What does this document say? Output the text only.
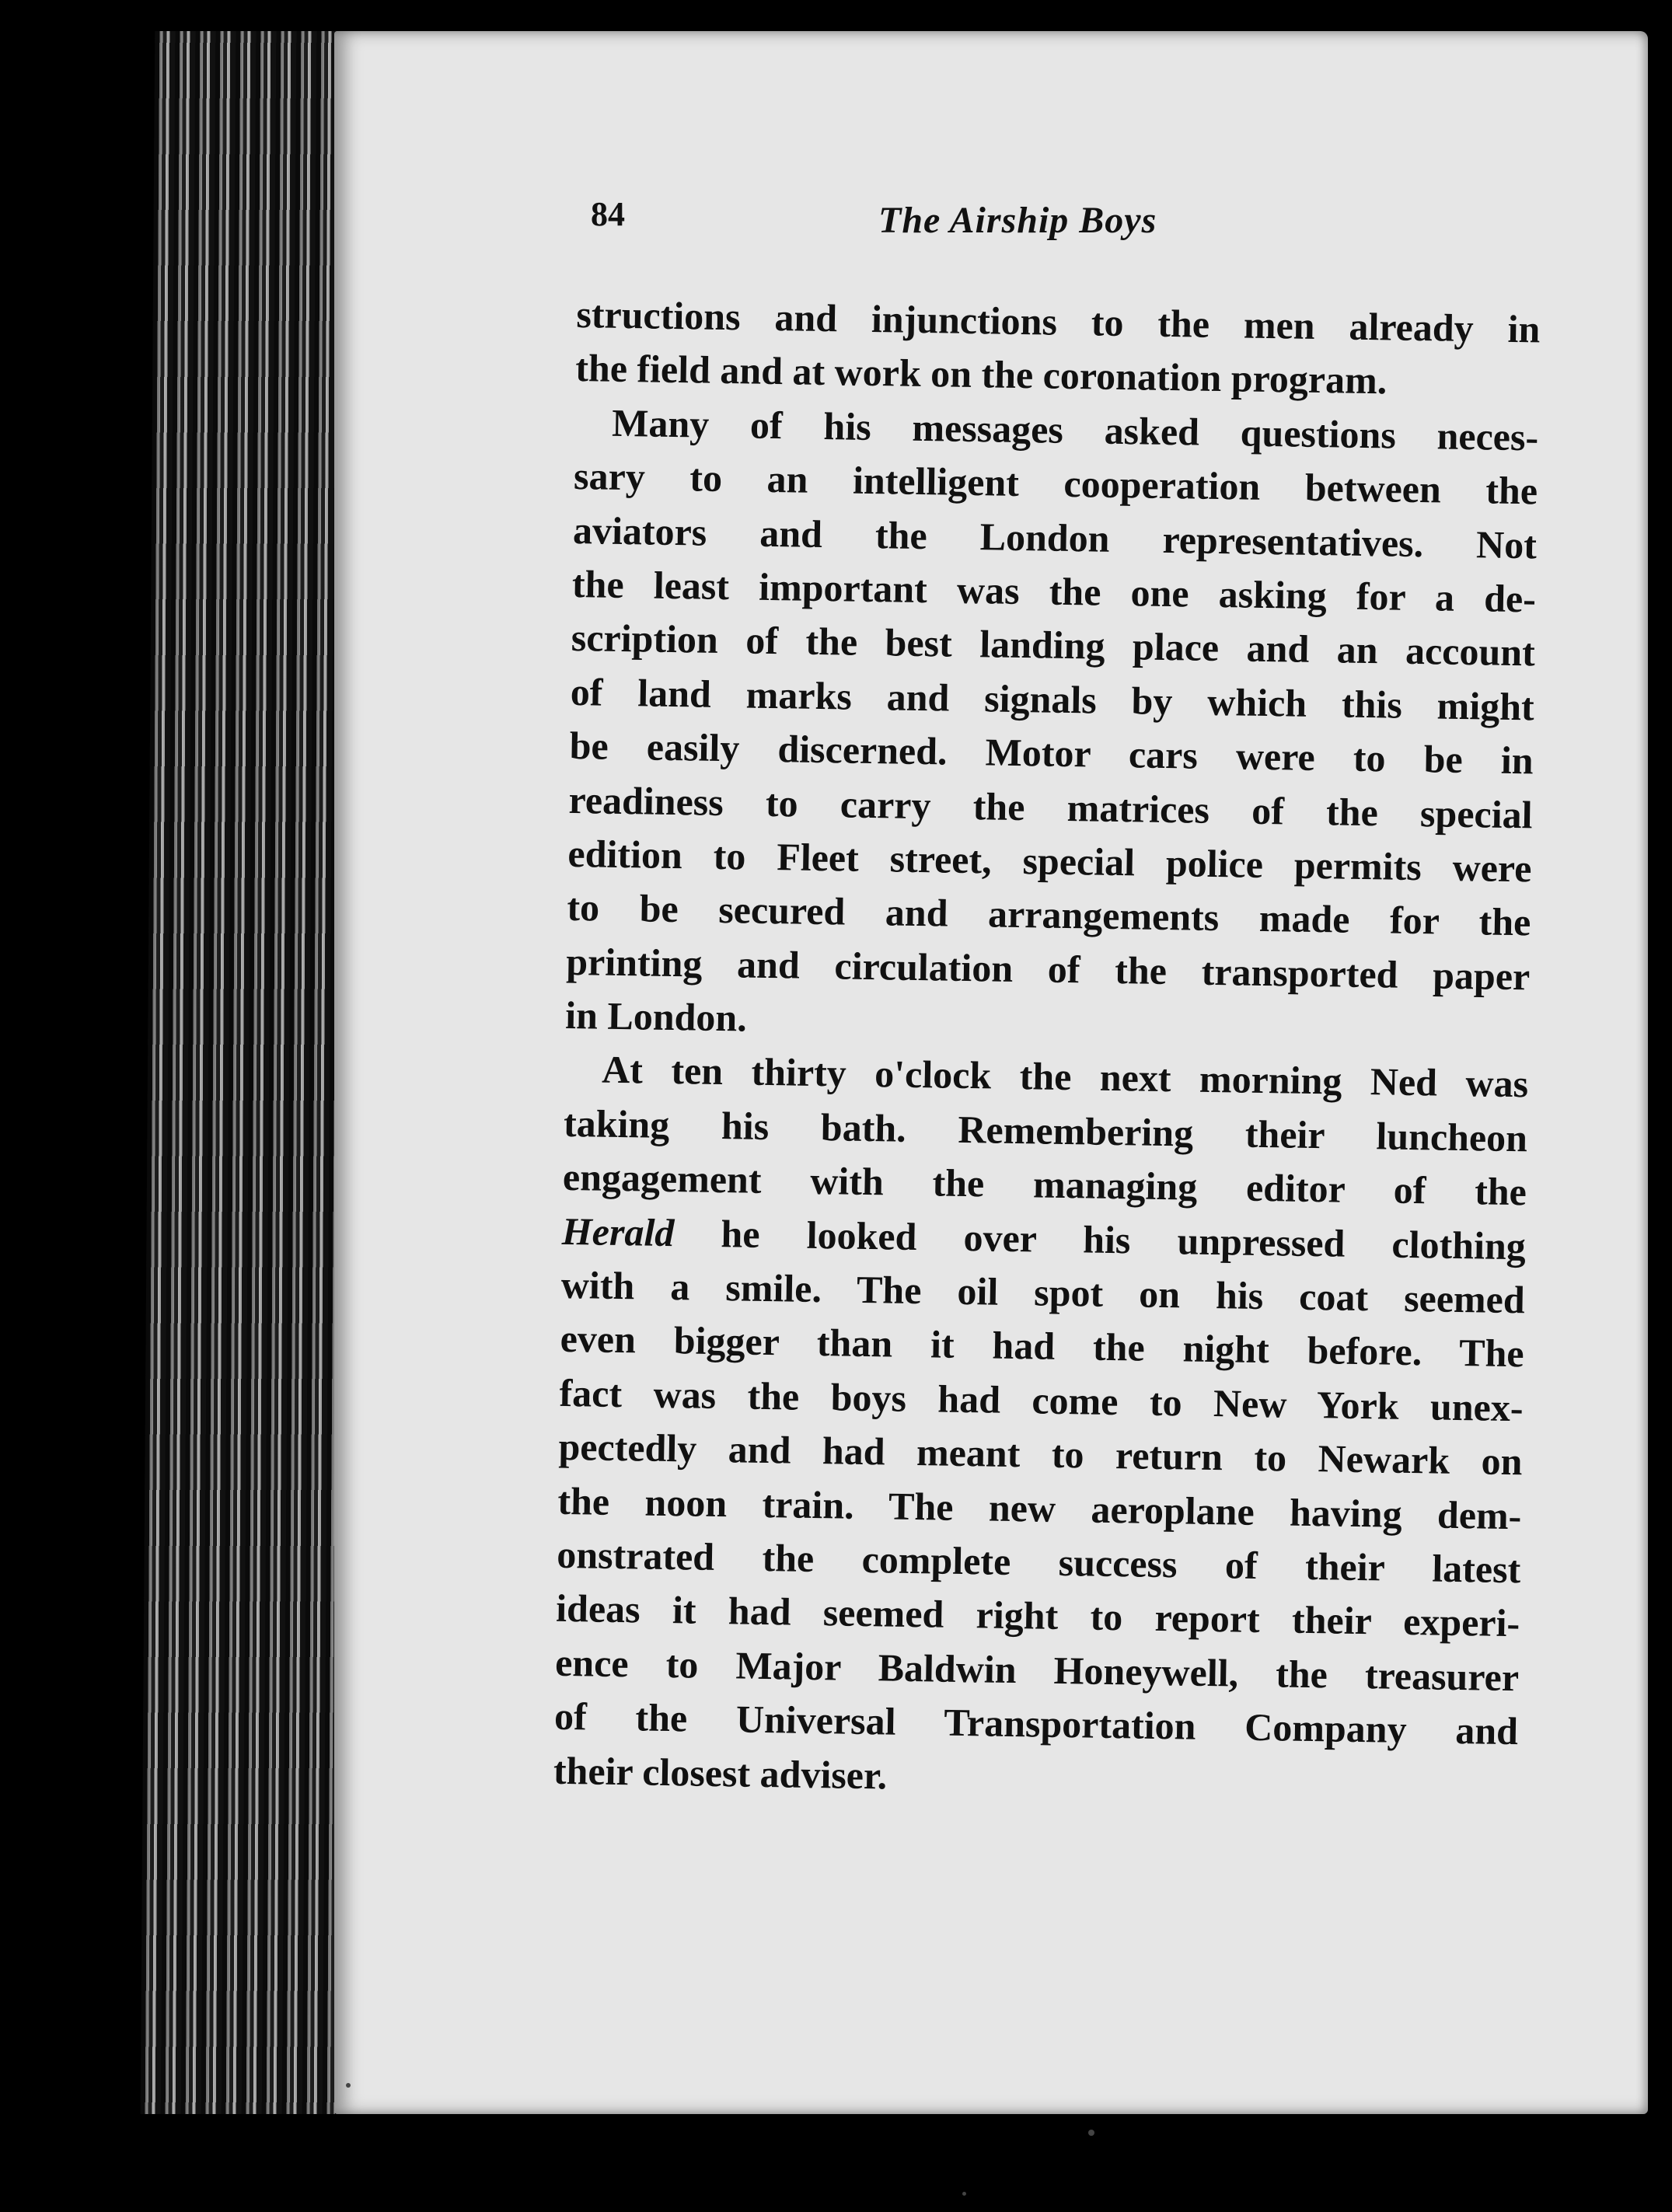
84	The Airship Boys
structions and injunctions to the men already in
the field and at work on the coronation program.
Many of his messages asked questions neces-
sary to an intelligent cooperation between the
aviators and the London representatives. Not
the least important was the one asking for a de-
scription of the best landing place and an account
of land marks and signals by which this might
be easily discerned. Motor cars were to be in
readiness to carry the matrices of the special
edition to Fleet street, special police permits were
to be secured and arrangements made for the
printing and circulation of the transported paper
in London.
At ten thirty o'clock the next morning Ned was
taking his bath. Remembering their luncheon
engagement with the managing editor of the
Herald he looked over his unpressed clothing
with a smile. The oil spot on his coat seemed
even bigger than it had the night before. The
fact was the boys had come to New York unex-
pectedly and had meant to return to Newark on
the noon train. The new aeroplane having dem-
onstrated the complete success of their latest
ideas it had seemed right to report their experi-
ence to Major Baldwin Honeywell, the treasurer
of the Universal Transportation Company and
their closest adviser.
